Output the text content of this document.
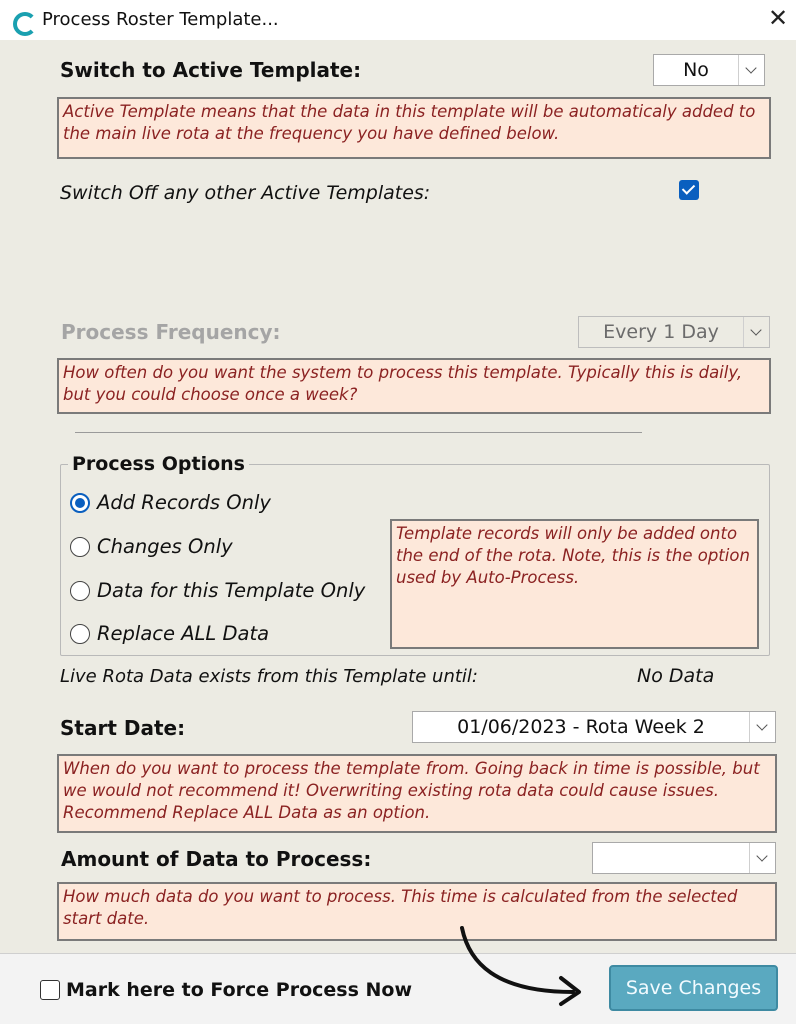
Process Roster Template...	✕
Switch to Active Template:	No
Active Template means that the data in this template will be automaticaly added to the main live rota at the frequency you have defined below.
Switch Off any other Active Templates:
Process Frequency:	Every 1 Day
How often do you want the system to process this template. Typically this is daily, but you could choose once a week?
Process Options
Add Records Only
Changes Only
Data for this Template Only
Replace ALL Data
Template records will only be added onto the end of the rota. Note, this is the option used by Auto-Process.
Live Rota Data exists from this Template until:	No Data
Start Date:	01/06/2023 - Rota Week 2
When do you want to process the template from. Going back in time is possible, but we would not recommend it! Overwriting existing rota data could cause issues. Recommend Replace ALL Data as an option.
Amount of Data to Process:
How much data do you want to process. This time is calculated from the selected start date.
Mark here to Force Process Now	Save Changes
